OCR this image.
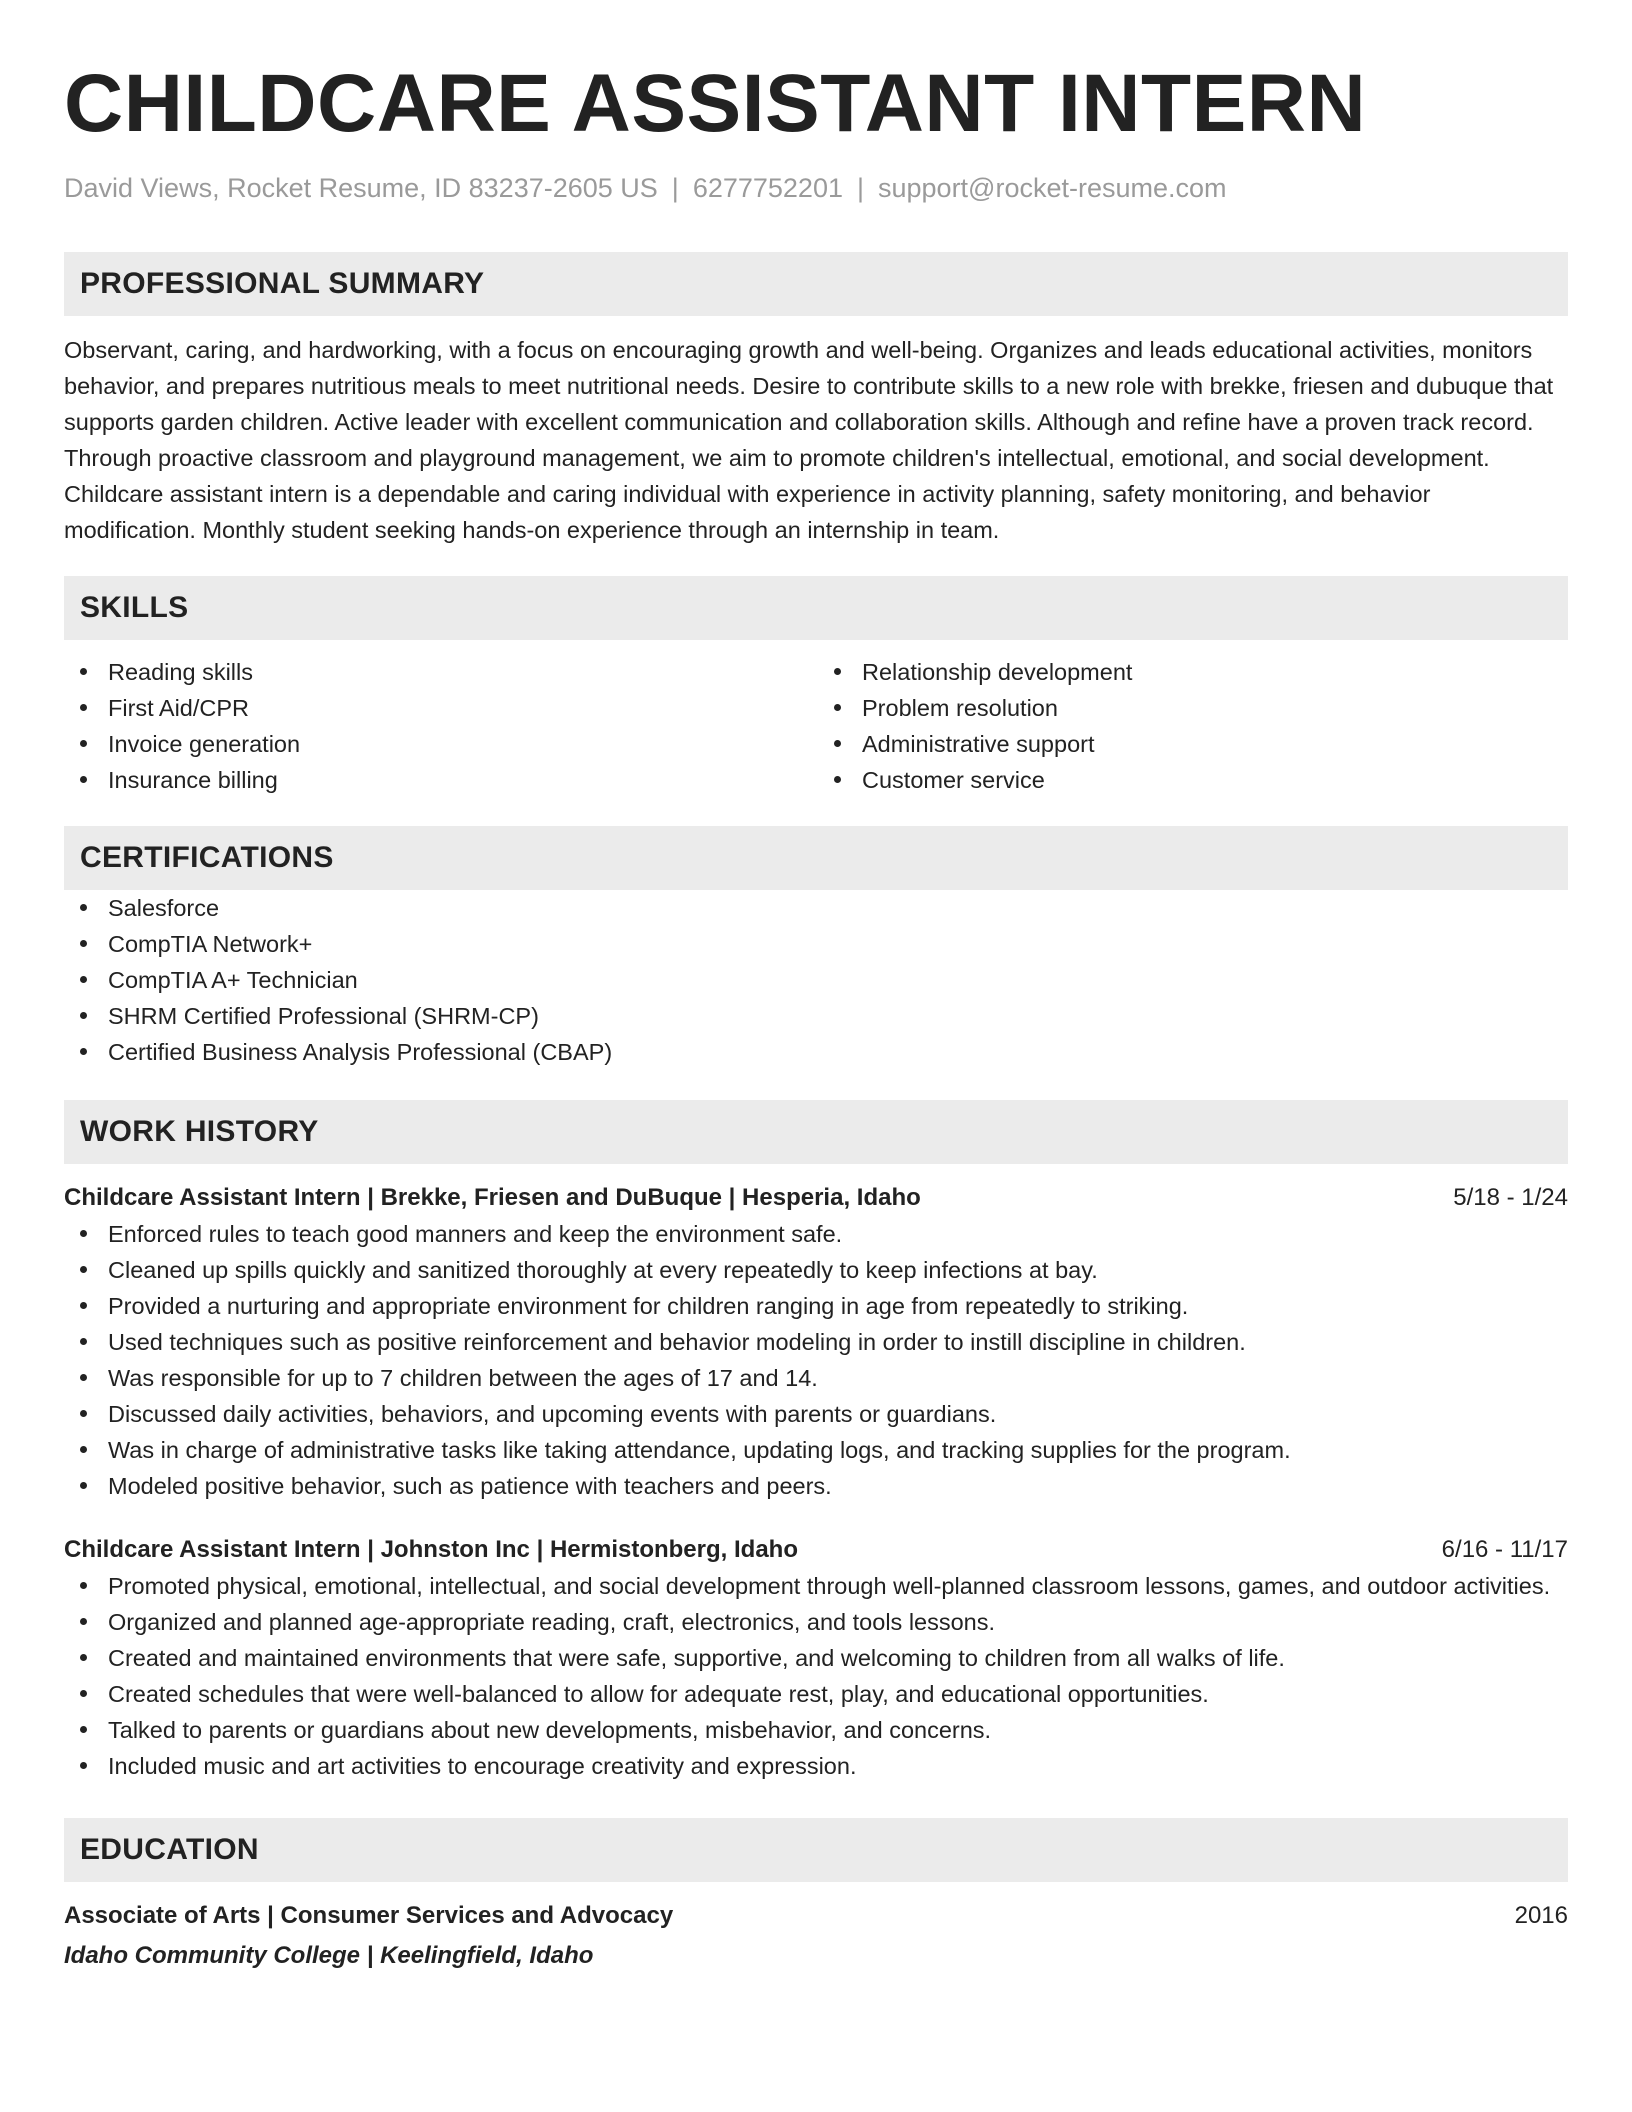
CHILDCARE ASSISTANT INTERN
David Views, Rocket Resume, ID 83237-2605 US | 6277752201 | support@rocket-resume.com
PROFESSIONAL SUMMARY
Observant, caring, and hardworking, with a focus on encouraging growth and well-being. Organizes and leads educational activities, monitors behavior, and prepares nutritious meals to meet nutritional needs. Desire to contribute skills to a new role with brekke, friesen and dubuque that supports garden children. Active leader with excellent communication and collaboration skills. Although and refine have a proven track record. Through proactive classroom and playground management, we aim to promote children's intellectual, emotional, and social development. Childcare assistant intern is a dependable and caring individual with experience in activity planning, safety monitoring, and behavior modification. Monthly student seeking hands-on experience through an internship in team.
SKILLS
Reading skills
First Aid/CPR
Invoice generation
Insurance billing
Relationship development
Problem resolution
Administrative support
Customer service
CERTIFICATIONS
Salesforce
CompTIA Network+
CompTIA A+ Technician
SHRM Certified Professional (SHRM-CP)
Certified Business Analysis Professional (CBAP)
WORK HISTORY
Childcare Assistant Intern | Brekke, Friesen and DuBuque | Hesperia, Idaho	5/18 - 1/24
Enforced rules to teach good manners and keep the environment safe.
Cleaned up spills quickly and sanitized thoroughly at every repeatedly to keep infections at bay.
Provided a nurturing and appropriate environment for children ranging in age from repeatedly to striking.
Used techniques such as positive reinforcement and behavior modeling in order to instill discipline in children.
Was responsible for up to 7 children between the ages of 17 and 14.
Discussed daily activities, behaviors, and upcoming events with parents or guardians.
Was in charge of administrative tasks like taking attendance, updating logs, and tracking supplies for the program.
Modeled positive behavior, such as patience with teachers and peers.
Childcare Assistant Intern | Johnston Inc | Hermistonberg, Idaho	6/16 - 11/17
Promoted physical, emotional, intellectual, and social development through well-planned classroom lessons, games, and outdoor activities.
Organized and planned age-appropriate reading, craft, electronics, and tools lessons.
Created and maintained environments that were safe, supportive, and welcoming to children from all walks of life.
Created schedules that were well-balanced to allow for adequate rest, play, and educational opportunities.
Talked to parents or guardians about new developments, misbehavior, and concerns.
Included music and art activities to encourage creativity and expression.
EDUCATION
Associate of Arts | Consumer Services and Advocacy	2016
Idaho Community College | Keelingfield, Idaho
